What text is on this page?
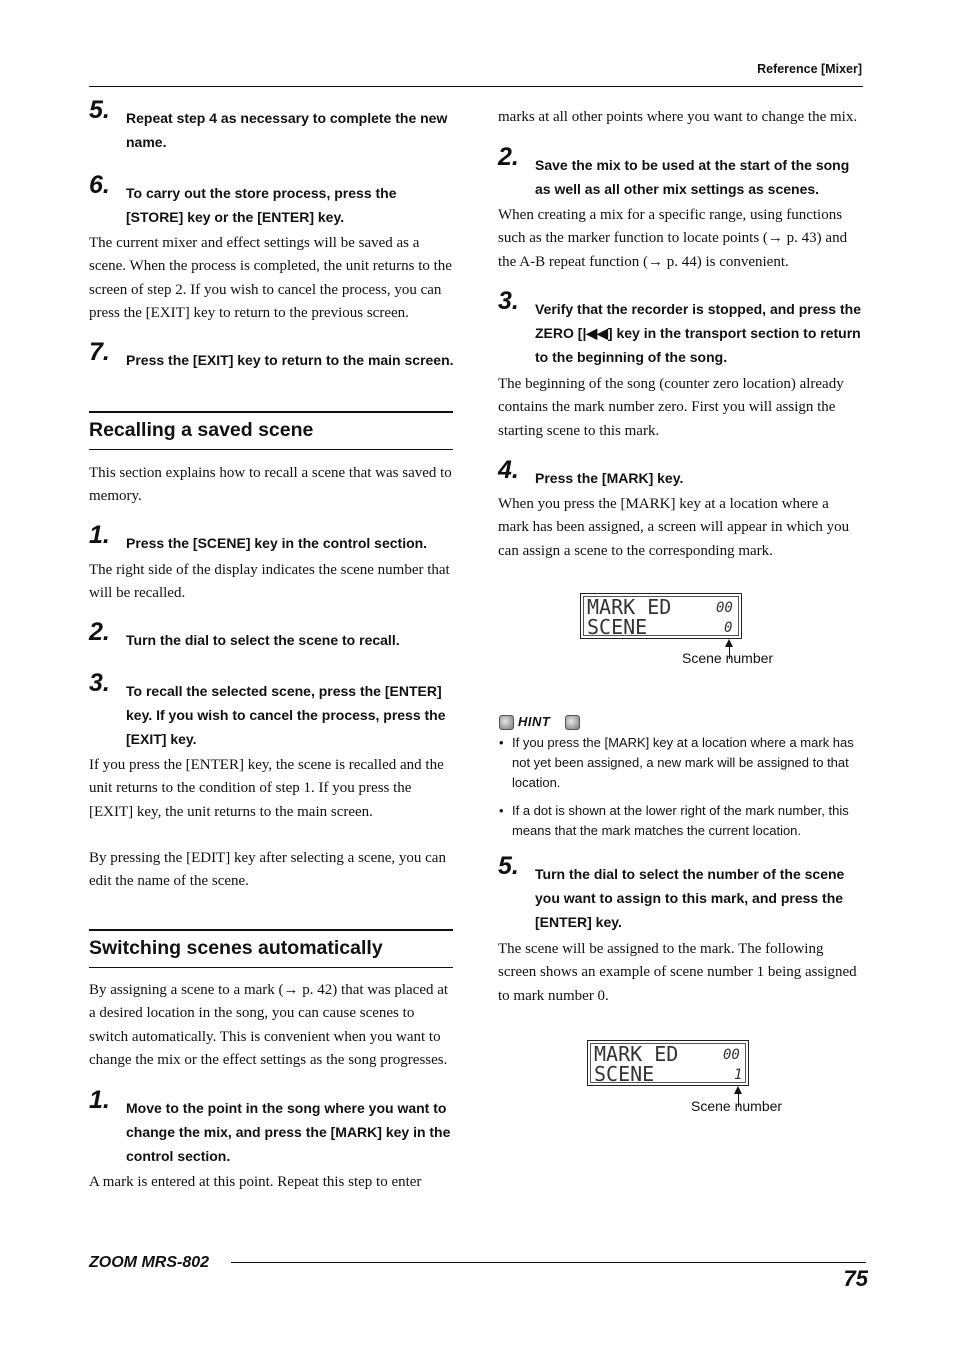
Reference [Mixer]
5. Repeat step 4 as necessary to complete the new name.
6. To carry out the store process, press the [STORE] key or the [ENTER] key.
The current mixer and effect settings will be saved as a scene. When the process is completed, the unit returns to the screen of step 2. If you wish to cancel the process, you can press the [EXIT] key to return to the previous screen.
7. Press the [EXIT] key to return to the main screen.
Recalling a saved scene
This section explains how to recall a scene that was saved to memory.
1. Press the [SCENE] key in the control section.
The right side of the display indicates the scene number that will be recalled.
2. Turn the dial to select the scene to recall.
3. To recall the selected scene, press the [ENTER] key. If you wish to cancel the process, press the [EXIT] key.
If you press the [ENTER] key, the scene is recalled and the unit returns to the condition of step 1. If you press the [EXIT] key, the unit returns to the main screen.
By pressing the [EDIT] key after selecting a scene, you can edit the name of the scene.
Switching scenes automatically
By assigning a scene to a mark (→ p. 42) that was placed at a desired location in the song, you can cause scenes to switch automatically. This is convenient when you want to change the mix or the effect settings as the song progresses.
1. Move to the point in the song where you want to change the mix, and press the [MARK] key in the control section.
A mark is entered at this point. Repeat this step to enter
marks at all other points where you want to change the mix.
2. Save the mix to be used at the start of the song as well as all other mix settings as scenes.
When creating a mix for a specific range, using functions such as the marker function to locate points (→ p. 43) and the A-B repeat function (→ p. 44) is convenient.
3. Verify that the recorder is stopped, and press the ZERO [|◀◀] key in the transport section to return to the beginning of the song.
The beginning of the song (counter zero location) already contains the mark number zero. First you will assign the starting scene to this mark.
4. Press the [MARK] key.
When you press the [MARK] key at a location where a mark has been assigned, a screen will appear in which you can assign a scene to the corresponding mark.
MARK ED	00
SCENE	0
Scene number
HINT
• If you press the [MARK] key at a location where a mark has not yet been assigned, a new mark will be assigned to that location.
• If a dot is shown at the lower right of the mark number, this means that the mark matches the current location.
5. Turn the dial to select the number of the scene you want to assign to this mark, and press the [ENTER] key.
The scene will be assigned to the mark. The following screen shows an example of scene number 1 being assigned to mark number 0.
MARK ED	00
SCENE	1
Scene number
ZOOM MRS-802
75
